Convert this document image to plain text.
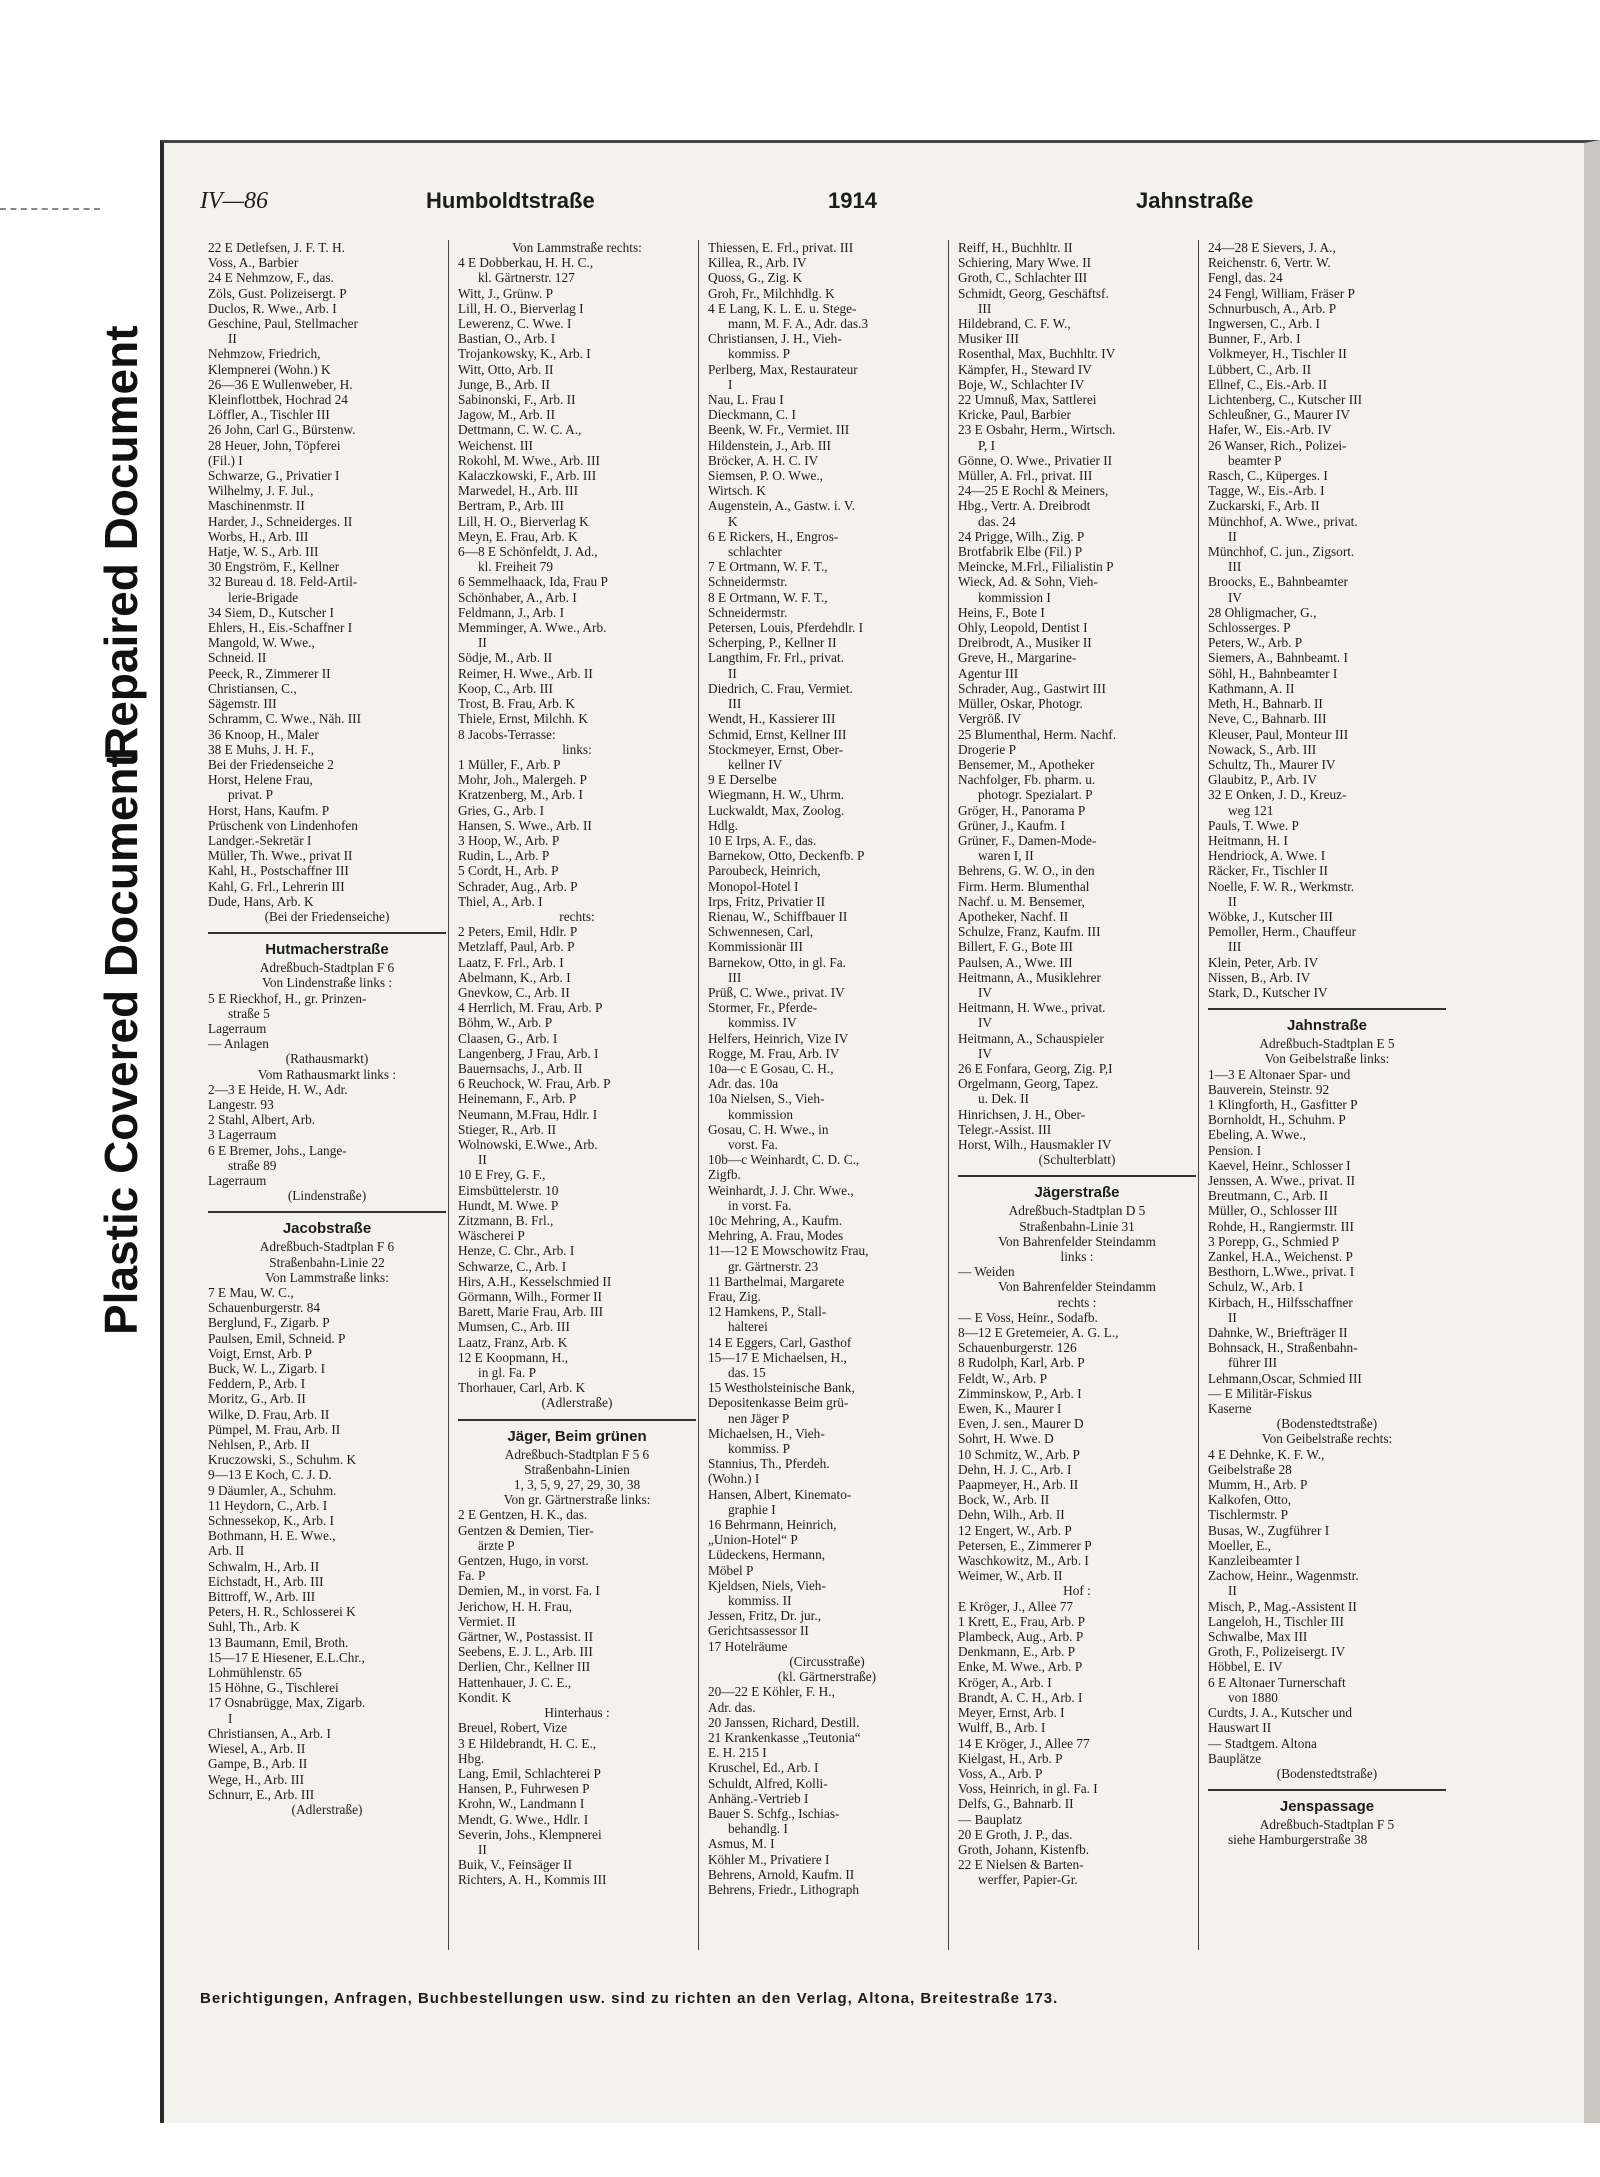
Repaired Document
Plastic Covered Document
IV—86	Humboldtstraße	1914	Jahnstraße
22 E Detlefsen, J. F. T. H.
Voss, A., Barbier
24 E Nehmzow, F., das.
Zöls, Gust. Polizeisergt. P
Duclos, R. Wwe., Arb. I
Geschine, Paul, Stellmacher
II
Nehmzow, Friedrich,
Klempnerei (Wohn.) K
26—36 E Wullenweber, H.
Kleinflottbek, Hochrad 24
Löffler, A., Tischler III
26 John, Carl G., Bürstenw.
28 Heuer, John, Töpferei
(Fil.) I
Schwarze, G., Privatier I
Wilhelmy, J. F. Jul.,
Maschinenmstr. II
Harder, J., Schneiderges. II
Worbs, H., Arb. III
Hatje, W. S., Arb. III
30 Engström, F., Kellner
32 Bureau d. 18. Feld-Artil-
lerie-Brigade
34 Siem, D., Kutscher I
Ehlers, H., Eis.-Schaffner I
Mangold, W. Wwe.,
Schneid. II
Peeck, R., Zimmerer II
Christiansen, C.,
Sägemstr. III
Schramm, C. Wwe., Näh. III
36 Knoop, H., Maler
38 E Muhs, J. H. F.,
Bei der Friedenseiche 2
Horst, Helene Frau,
privat. P
Horst, Hans, Kaufm. P
Prüschenk von Lindenhofen
Landger.-Sekretär I
Müller, Th. Wwe., privat II
Kahl, H., Postschaffner III
Kahl, G. Frl., Lehrerin III
Dude, Hans, Arb. K
(Bei der Friedenseiche)
Hutmacherstraße
Adreßbuch-Stadtplan F 6
Von Lindenstraße links :
5 E Rieckhof, H., gr. Prinzen-
straße 5
Lagerraum
— Anlagen
(Rathausmarkt)
Vom Rathausmarkt links :
2—3 E Heide, H. W., Adr.
Langestr. 93
2 Stahl, Albert, Arb.
3 Lagerraum
6 E Bremer, Johs., Lange-
straße 89
Lagerraum
(Lindenstraße)
Jacobstraße
Adreßbuch-Stadtplan F 6
Straßenbahn-Linie 22
Von Lammstraße links:
7 E Mau, W. C.,
Schauenburgerstr. 84
Berglund, F., Zigarb. P
Paulsen, Emil, Schneid. P
Voigt, Ernst, Arb. P
Buck, W. L., Zigarb. I
Feddern, P., Arb. I
Moritz, G., Arb. II
Wilke, D. Frau, Arb. II
Pümpel, M. Frau, Arb. II
Nehlsen, P., Arb. II
Kruczowski, S., Schuhm. K
9—13 E Koch, C. J. D.
9 Däumler, A., Schuhm.
11 Heydorn, C., Arb. I
Schnessekop, K., Arb. I
Bothmann, H. E. Wwe.,
Arb. II
Schwalm, H., Arb. II
Eichstadt, H., Arb. III
Bittroff, W., Arb. III
Peters, H. R., Schlosserei K
Suhl, Th., Arb. K
13 Baumann, Emil, Broth.
15—17 E Hiesener, E.L.Chr.,
Lohmühlenstr. 65
15 Höhne, G., Tischlerei
17 Osnabrügge, Max, Zigarb.
I
Christiansen, A., Arb. I
Wiesel, A., Arb. II
Gampe, B., Arb. II
Wege, H., Arb. III
Schnurr, E., Arb. III
(Adlerstraße)
Von Lammstraße rechts:
4 E Dobberkau, H. H. C.,
kl. Gärtnerstr. 127
Witt, J., Grünw. P
Lill, H. O., Bierverlag I
Lewerenz, C. Wwe. I
Bastian, O., Arb. I
Trojankowsky, K., Arb. I
Witt, Otto, Arb. II
Junge, B., Arb. II
Sabinonski, F., Arb. II
Jagow, M., Arb. II
Dettmann, C. W. C. A.,
Weichenst. III
Rokohl, M. Wwe., Arb. III
Kalaczkowski, F., Arb. III
Marwedel, H., Arb. III
Bertram, P., Arb. III
Lill, H. O., Bierverlag K
Meyn, E. Frau, Arb. K
6—8 E Schönfeldt, J. Ad.,
kl. Freiheit 79
6 Semmelhaack, Ida, Frau P
Schönhaber, A., Arb. I
Feldmann, J., Arb. I
Memminger, A. Wwe., Arb.
II
Södje, M., Arb. II
Reimer, H. Wwe., Arb. II
Koop, C., Arb. III
Trost, B. Frau, Arb. K
Thiele, Ernst, Milchh. K
8 Jacobs-Terrasse:
links:
1 Müller, F., Arb. P
Mohr, Joh., Malergeh. P
Kratzenberg, M., Arb. I
Gries, G., Arb. I
Hansen, S. Wwe., Arb. II
3 Hoop, W., Arb. P
Rudin, L., Arb. P
5 Cordt, H., Arb. P
Schrader, Aug., Arb. P
Thiel, A., Arb. I
rechts:
2 Peters, Emil, Hdlr. P
Metzlaff, Paul, Arb. P
Laatz, F. Frl., Arb. I
Abelmann, K., Arb. I
Gnevkow, C., Arb. II
4 Herrlich, M. Frau, Arb. P
Böhm, W., Arb. P
Claasen, G., Arb. I
Langenberg, J Frau, Arb. I
Bauernsachs, J., Arb. II
6 Reuchock, W. Frau, Arb. P
Heinemann, F., Arb. P
Neumann, M.Frau, Hdlr. I
Stieger, R., Arb. II
Wolnowski, E.Wwe., Arb.
II
10 E Frey, G. F.,
Eimsbüttelerstr. 10
Hundt, M. Wwe. P
Zitzmann, B. Frl.,
Wäscherei P
Henze, C. Chr., Arb. I
Schwarze, C., Arb. I
Hirs, A.H., Kesselschmied II
Görmann, Wilh., Former II
Barett, Marie Frau, Arb. III
Mumsen, C., Arb. III
Laatz, Franz, Arb. K
12 E Koopmann, H.,
in gl. Fa. P
Thorhauer, Carl, Arb. K
(Adlerstraße)
Jäger, Beim grünen
Adreßbuch-Stadtplan F 5 6
Straßenbahn-Linien
1, 3, 5, 9, 27, 29, 30, 38
Von gr. Gärtnerstraße links:
2 E Gentzen, H. K., das.
Gentzen & Demien, Tier-
ärzte P
Gentzen, Hugo, in vorst.
Fa. P
Demien, M., in vorst. Fa. I
Jerichow, H. H. Frau,
Vermiet. II
Gärtner, W., Postassist. II
Seebens, E. J. L., Arb. III
Derlien, Chr., Kellner III
Hattenhauer, J. C. E.,
Kondit. K
Hinterhaus :
Breuel, Robert, Vize
3 E Hildebrandt, H. C. E.,
Hbg.
Lang, Emil, Schlachterei P
Hansen, P., Fuhrwesen P
Krohn, W., Landmann I
Mendt, G. Wwe., Hdlr. I
Severin, Johs., Klempnerei
II
Buik, V., Feinsäger II
Richters, A. H., Kommis III
Thiessen, E. Frl., privat. III
Killea, R., Arb. IV
Quoss, G., Zig. K
Groh, Fr., Milchhdlg. K
4 E Lang, K. L. E. u. Stege-
mann, M. F. A., Adr. das.3
Christiansen, J. H., Vieh-
kommiss. P
Perlberg, Max, Restaurateur
I
Nau, L. Frau I
Dieckmann, C. I
Beenk, W. Fr., Vermiet. III
Hildenstein, J., Arb. III
Bröcker, A. H. C. IV
Siemsen, P. O. Wwe.,
Wirtsch. K
Augenstein, A., Gastw. i. V.
K
6 E Rickers, H., Engros-
schlachter
7 E Ortmann, W. F. T.,
Schneidermstr.
8 E Ortmann, W. F. T.,
Schneidermstr.
Petersen, Louis, Pferdehdlr. I
Scherping, P., Kellner II
Langthim, Fr. Frl., privat.
II
Diedrich, C. Frau, Vermiet.
III
Wendt, H., Kassierer III
Schmid, Ernst, Kellner III
Stockmeyer, Ernst, Ober-
kellner IV
9 E Derselbe
Wiegmann, H. W., Uhrm.
Luckwaldt, Max, Zoolog.
Hdlg.
10 E Irps, A. F., das.
Barnekow, Otto, Deckenfb. P
Paroubeck, Heinrich,
Monopol-Hotel I
Irps, Fritz, Privatier II
Rienau, W., Schiffbauer II
Schwennesen, Carl,
Kommissionär III
Barnekow, Otto, in gl. Fa.
III
Prüß, C. Wwe., privat. IV
Stormer, Fr., Pferde-
kommiss. IV
Helfers, Heinrich, Vize IV
Rogge, M. Frau, Arb. IV
10a—c E Gosau, C. H.,
Adr. das. 10a
10a Nielsen, S., Vieh-
kommission
Gosau, C. H. Wwe., in
vorst. Fa.
10b—c Weinhardt, C. D. C.,
Zigfb.
Weinhardt, J. J. Chr. Wwe.,
in vorst. Fa.
10c Mehring, A., Kaufm.
Mehring, A. Frau, Modes
11—12 E Mowschowitz Frau,
gr. Gärtnerstr. 23
11 Barthelmai, Margarete
Frau, Zig.
12 Hamkens, P., Stall-
halterei
14 E Eggers, Carl, Gasthof
15—17 E Michaelsen, H.,
das. 15
15 Westholsteinische Bank,
Depositenkasse Beim grü-
nen Jäger P
Michaelsen, H., Vieh-
kommiss. P
Stannius, Th., Pferdeh.
(Wohn.) I
Hansen, Albert, Kinemato-
graphie I
16 Behrmann, Heinrich,
„Union-Hotel“ P
Lüdeckens, Hermann,
Möbel P
Kjeldsen, Niels, Vieh-
kommiss. II
Jessen, Fritz, Dr. jur.,
Gerichtsassessor II
17 Hotelräume
(Circusstraße)
(kl. Gärtnerstraße)
20—22 E Köhler, F. H.,
Adr. das.
20 Janssen, Richard, Destill.
21 Krankenkasse „Teutonia“
E. H. 215 I
Kruschel, Ed., Arb. I
Schuldt, Alfred, Kolli-
Anhäng.-Vertrieb I
Bauer S. Schfg., Ischias-
behandlg. I
Asmus, M. I
Köhler M., Privatiere I
Behrens, Arnold, Kaufm. II
Behrens, Friedr., Lithograph
Reiff, H., Buchhltr. II
Schiering, Mary Wwe. II
Groth, C., Schlachter III
Schmidt, Georg, Geschäftsf.
III
Hildebrand, C. F. W.,
Musiker III
Rosenthal, Max, Buchhltr. IV
Kämpfer, H., Steward IV
Boje, W., Schlachter IV
22 Umnuß, Max, Sattlerei
Kricke, Paul, Barbier
23 E Osbahr, Herm., Wirtsch.
P, I
Gönne, O. Wwe., Privatier II
Müller, A. Frl., privat. III
24—25 E Rochl & Meiners,
Hbg., Vertr. A. Dreibrodt
das. 24
24 Prigge, Wilh., Zig. P
Brotfabrik Elbe (Fil.) P
Meincke, M.Frl., Filialistin P
Wieck, Ad. & Sohn, Vieh-
kommission I
Heins, F., Bote I
Ohly, Leopold, Dentist I
Dreibrodt, A., Musiker II
Greve, H., Margarine-
Agentur III
Schrader, Aug., Gastwirt III
Müller, Oskar, Photogr.
Vergröß. IV
25 Blumenthal, Herm. Nachf.
Drogerie P
Bensemer, M., Apotheker
Nachfolger, Fb. pharm. u.
photogr. Spezialart. P
Gröger, H., Panorama P
Grüner, J., Kaufm. I
Grüner, F., Damen-Mode-
waren I, II
Behrens, G. W. O., in den
Firm. Herm. Blumenthal
Nachf. u. M. Bensemer,
Apotheker, Nachf. II
Schulze, Franz, Kaufm. III
Billert, F. G., Bote III
Paulsen, A., Wwe. III
Heitmann, A., Musiklehrer
IV
Heitmann, H. Wwe., privat.
IV
Heitmann, A., Schauspieler
IV
26 E Fonfara, Georg, Zig. P,I
Orgelmann, Georg, Tapez.
u. Dek. II
Hinrichsen, J. H., Ober-
Telegr.-Assist. III
Horst, Wilh., Hausmakler IV
(Schulterblatt)
Jägerstraße
Adreßbuch-Stadtplan D 5
Straßenbahn-Linie 31
Von Bahrenfelder Steindamm
links :
— Weiden
Von Bahrenfelder Steindamm
rechts :
— E Voss, Heinr., Sodafb.
8—12 E Gretemeier, A. G. L.,
Schauenburgerstr. 126
8 Rudolph, Karl, Arb. P
Feldt, W., Arb. P
Zimminskow, P., Arb. I
Ewen, K., Maurer I
Even, J. sen., Maurer D
Sohrt, H. Wwe. D
10 Schmitz, W., Arb. P
Dehn, H. J. C., Arb. I
Paapmeyer, H., Arb. II
Bock, W., Arb. II
Dehn, Wilh., Arb. II
12 Engert, W., Arb. P
Petersen, E., Zimmerer P
Waschkowitz, M., Arb. I
Weimer, W., Arb. II
Hof :
E Kröger, J., Allee 77
1 Krett, E., Frau, Arb. P
Plambeck, Aug., Arb. P
Denkmann, E., Arb. P
Enke, M. Wwe., Arb. P
Kröger, A., Arb. I
Brandt, A. C. H., Arb. I
Meyer, Ernst, Arb. I
Wulff, B., Arb. I
14 E Kröger, J., Allee 77
Kielgast, H., Arb. P
Voss, A., Arb. P
Voss, Heinrich, in gl. Fa. I
Delfs, G., Bahnarb. II
— Bauplatz
20 E Groth, J. P., das.
Groth, Johann, Kistenfb.
22 E Nielsen & Barten-
werffer, Papier-Gr.
24—28 E Sievers, J. A.,
Reichenstr. 6, Vertr. W.
Fengl, das. 24
24 Fengl, William, Fräser P
Schnurbusch, A., Arb. P
Ingwersen, C., Arb. I
Bunner, F., Arb. I
Volkmeyer, H., Tischler II
Lübbert, C., Arb. II
Ellnef, C., Eis.-Arb. II
Lichtenberg, C., Kutscher III
Schleußner, G., Maurer IV
Hafer, W., Eis.-Arb. IV
26 Wanser, Rich., Polizei-
beamter P
Rasch, C., Küperges. I
Tagge, W., Eis.-Arb. I
Zuckarski, F., Arb. II
Münchhof, A. Wwe., privat.
II
Münchhof, C. jun., Zigsort.
III
Broocks, E., Bahnbeamter
IV
28 Ohligmacher, G.,
Schlosserges. P
Peters, W., Arb. P
Siemers, A., Bahnbeamt. I
Söhl, H., Bahnbeamter I
Kathmann, A. II
Meth, H., Bahnarb. II
Neve, C., Bahnarb. III
Kleuser, Paul, Monteur III
Nowack, S., Arb. III
Schultz, Th., Maurer IV
Glaubitz, P., Arb. IV
32 E Onken, J. D., Kreuz-
weg 121
Pauls, T. Wwe. P
Heitmann, H. I
Hendriock, A. Wwe. I
Räcker, Fr., Tischler II
Noelle, F. W. R., Werkmstr.
II
Wöbke, J., Kutscher III
Pemoller, Herm., Chauffeur
III
Klein, Peter, Arb. IV
Nissen, B., Arb. IV
Stark, D., Kutscher IV
Jahnstraße
Adreßbuch-Stadtplan E 5
Von Geibelstraße links:
1—3 E Altonaer Spar- und
Bauverein, Steinstr. 92
1 Klingforth, H., Gasfitter P
Bornholdt, H., Schuhm. P
Ebeling, A. Wwe.,
Pension. I
Kaevel, Heinr., Schlosser I
Jenssen, A. Wwe., privat. II
Breutmann, C., Arb. II
Müller, O., Schlosser III
Rohde, H., Rangiermstr. III
3 Porepp, G., Schmied P
Zankel, H.A., Weichenst. P
Besthorn, L.Wwe., privat. I
Schulz, W., Arb. I
Kirbach, H., Hilfsschaffner
II
Dahnke, W., Briefträger II
Bohnsack, H., Straßenbahn-
führer III
Lehmann,Oscar, Schmied III
— E Militär-Fiskus
Kaserne
(Bodenstedtstraße)
Von Geibelstraße rechts:
4 E Dehnke, K. F. W.,
Geibelstraße 28
Mumm, H., Arb. P
Kalkofen, Otto,
Tischlermstr. P
Busas, W., Zugführer I
Moeller, E.,
Kanzleibeamter I
Zachow, Heinr., Wagenmstr.
II
Misch, P., Mag.-Assistent II
Langeloh, H., Tischler III
Schwalbe, Max III
Groth, F., Polizeisergt. IV
Höbbel, E. IV
6 E Altonaer Turnerschaft
von 1880
Curdts, J. A., Kutscher und
Hauswart II
— Stadtgem. Altona
Bauplätze
(Bodenstedtstraße)
Jenspassage
Adreßbuch-Stadtplan F 5
siehe Hamburgerstraße 38
Berichtigungen, Anfragen, Buchbestellungen usw. sind zu richten an den Verlag, Altona, Breitestraße 173.
